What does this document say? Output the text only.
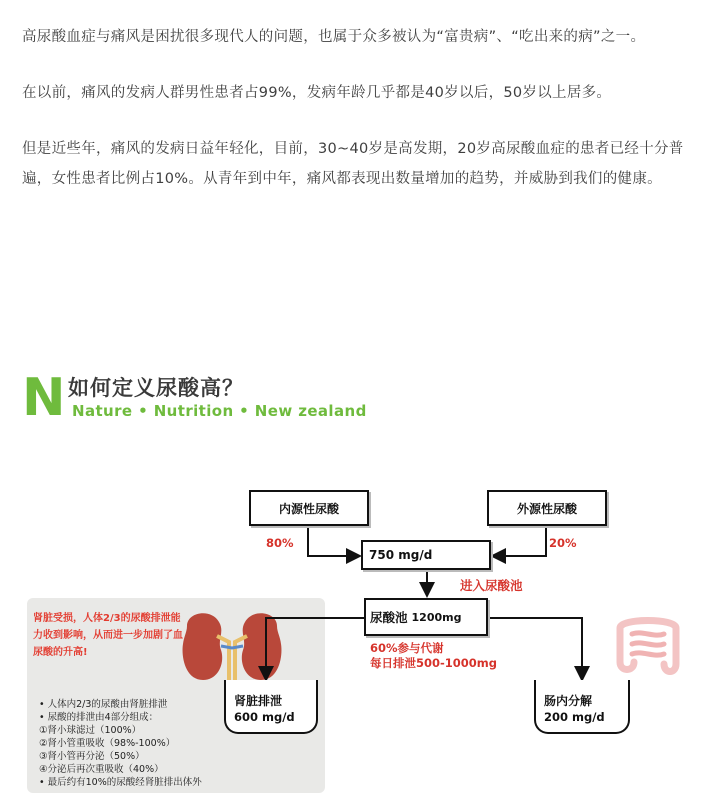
高尿酸血症与痛风是困扰很多现代人的问题，也属于众多被认为“富贵病”、“吃出来的病”之一。

在以前，痛风的发病人群男性患者占99%，发病年龄几乎都是40岁以后，50岁以上居多。

但是近些年，痛风的发病日益年轻化，目前，30~40岁是高发期，20岁高尿酸血症的患者已经十分普遍，女性患者比例占10%。从青年到中年，痛风都表现出数量增加的趋势，并威胁到我们的健康。

N 如何定义尿酸高？
Nature • Nutrition • New zealand
肾脏受损，人体2/3的尿酸排泄能力收到影响，从而进一步加剧了血尿酸的升高!
• 人体内2/3的尿酸由肾脏排泄
• 尿酸的排泄由4部分组成：
①肾小球滤过（100%）
②肾小管重吸收（98%-100%）
③肾小管再分泌（50%）
④分泌后再次重吸收（40%）
• 最后约有10%的尿酸经肾脏排出体外
内源性尿酸	外源性尿酸
80%	20%
750 mg/d
进入尿酸池
尿酸池 1200mg
60%参与代谢
每日排泄500-1000mg
肾脏排泄
600 mg/d
肠内分解
200 mg/d
